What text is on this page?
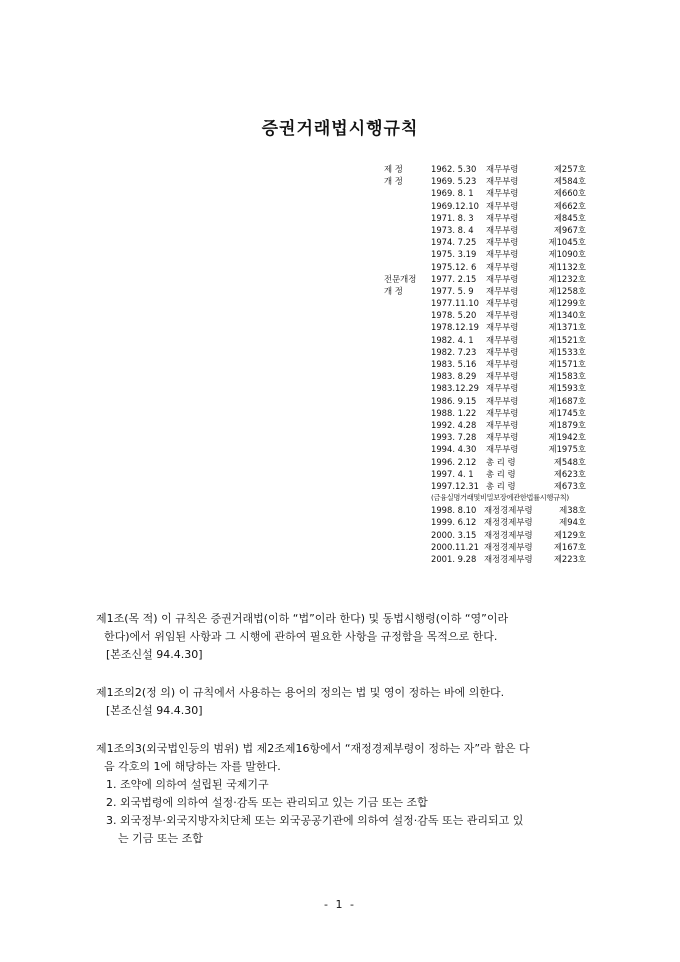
증권거래법시행규칙
제 정	1962. 5.30	재무부령	제257호
개 정	1969. 5.23	재무부령	제584호
1969. 8. 1	재무부령	제660호
1969.12.10 재무부령	제662호
1971. 8. 3	재무부령	제845호
1973. 8. 4	재무부령	제967호
1974. 7.25	재무부령	제1045호
1975. 3.19	재무부령	제1090호
1975.12. 6	재무부령	제1132호
전문개정	1977. 2.15	재무부령	제1232호
개 정	1977. 5. 9	재무부령	제1258호
1977.11.10 재무부령	제1299호
1978. 5.20	재무부령	제1340호
1978.12.19 재무부령	제1371호
1982. 4. 1	재무부령	제1521호
1982. 7.23	재무부령	제1533호
1983. 5.16	재무부령	제1571호
1983. 8.29	재무부령	제1583호
1983.12.29 재무부령	제1593호
1986. 9.15	재무부령	제1687호
1988. 1.22	재무부령	제1745호
1992. 4.28	재무부령	제1879호
1993. 7.28	재무부령	제1942호
1994. 4.30	재무부령	제1975호
1996. 2.12	총 리 령	제548호
1997. 4. 1	총 리 령	제623호
1997.12.31 총 리 령	제673호
(금융실명거래및비밀보장에관한법률시행규칙)
1998. 8.10 재정경제부령	제38호
1999. 6.12 재정경제부령	제94호
2000. 3.15 재정경제부령	제129호
2000.11.21 재정경제부령	제167호
2001. 9.28 재정경제부령	제223호
제1조(목 적) 이 규칙은 증권거래법(이하 “법”이라 한다) 및 동법시행령(이하 “영”이라
한다)에서 위임된 사항과 그 시행에 관하여 필요한 사항을 규정함을 목적으로 한다.
[본조신설 94.4.30]
제1조의2(정 의) 이 규칙에서 사용하는 용어의 정의는 법 및 영이 정하는 바에 의한다.
[본조신설 94.4.30]
제1조의3(외국법인등의 범위) 법 제2조제16항에서 “재정경제부령이 정하는 자”라 함은 다
음 각호의 1에 해당하는 자를 말한다.
1. 조약에 의하여 설립된 국제기구
2. 외국법령에 의하여 설정·감독 또는 관리되고 있는 기금 또는 조합
3. 외국정부·외국지방자치단체 또는 외국공공기관에 의하여 설정·감독 또는 관리되고 있
는 기금 또는 조합
- 1 -
